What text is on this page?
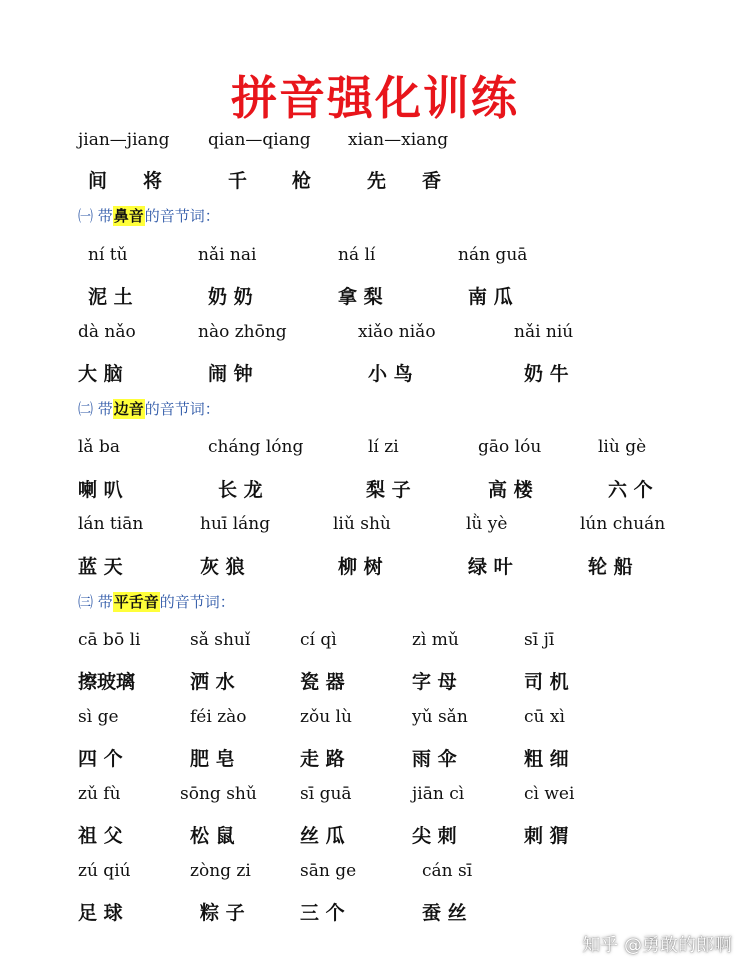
拼音强化训练
jian—jiang qian—qiang xian—xiang
间 将	千 枪	先 香
㈠ 带鼻音的音节词：
ní tǔ	nǎi nai	ná lí	nán guā
泥 土	奶 奶	拿 梨	南 瓜
dà nǎo	nào zhōng	xiǎo niǎo	nǎi niú
大 脑	闹 钟	小 鸟	奶 牛
㈡ 带边音的音节词：
lǎ ba	cháng lóng	lí zi	gāo lóu	liù gè
喇 叭	长 龙	梨 子	高 楼	六 个
lán tiān	huī láng	liǔ shù	lǜ yè	lún chuán
蓝 天	灰 狼	柳 树	绿 叶	轮 船
㈢ 带平舌音的音节词：
cā bō li	sǎ shuǐ	cí qì	zì mǔ	sī jī
擦玻璃	洒 水	瓷 器	字 母	司 机
sì ge	féi zào	zǒu lù	yǔ sǎn	cū xì
四 个	肥 皂	走 路	雨 伞	粗 细
zǔ fù	sōng shǔ	sī guā	jiān cì	cì wei
祖 父	松 鼠	丝 瓜	尖 刺	刺 猬
zú qiú	zòng zi	sān ge	cán sī
足 球	粽 子	三 个	蚕 丝
知乎 @勇敢的郎啊
